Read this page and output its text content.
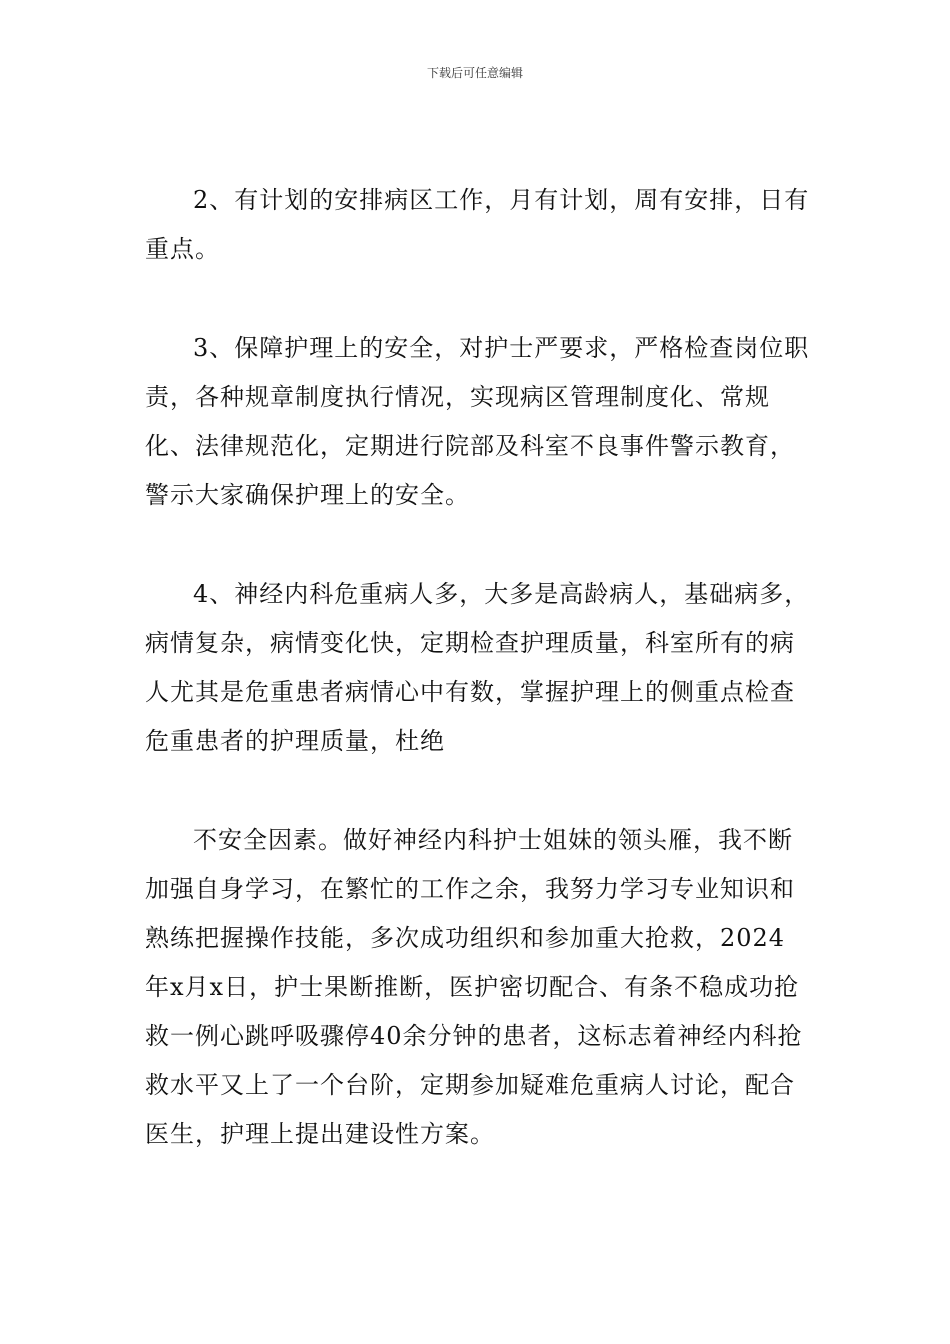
下载后可任意编辑

2、有计划的安排病区工作，月有计划，周有安排，日有重点。

3、保障护理上的安全，对护士严要求，严格检查岗位职责，各种规章制度执行情况，实现病区管理制度化、常规化、法律规范化，定期进行院部及科室不良事件警示教育，警示大家确保护理上的安全。

4、神经内科危重病人多，大多是高龄病人，基础病多，病情复杂，病情变化快，定期检查护理质量，科室所有的病人尤其是危重患者病情心中有数，掌握护理上的侧重点检查危重患者的护理质量，杜绝

不安全因素。做好神经内科护士姐妹的领头雁，我不断加强自身学习，在繁忙的工作之余，我努力学习专业知识和熟练把握操作技能，多次成功组织和参加重大抢救，2024年x月x日，护士果断推断，医护密切配合、有条不稳成功抢救一例心跳呼吸骤停40余分钟的患者，这标志着神经内科抢救水平又上了一个台阶，定期参加疑难危重病人讨论，配合医生，护理上提出建设性方案。
